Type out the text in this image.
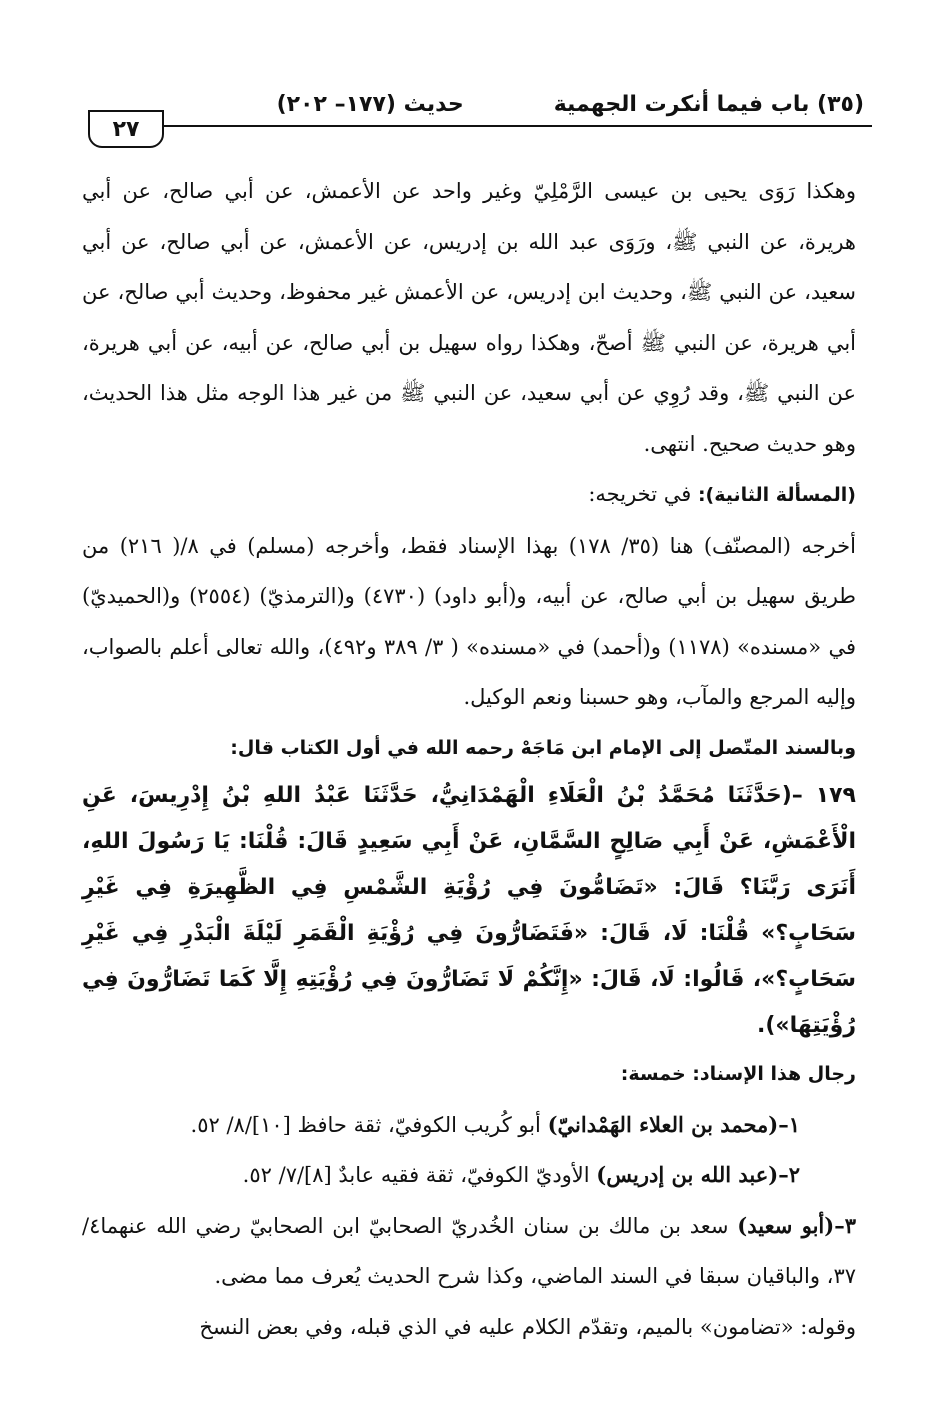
(٣٥) باب فيما أنكرت الجهمية
حديث (١٧٧– ٢٠٢)
٢٧

وهكذا رَوَى يحيى بن عيسى الرَّمْلِيّ وغير واحد عن الأعمش، عن أبي صالح، عن أبي هريرة، عن النبي ﷺ، ورَوَى عبد الله بن إدريس، عن الأعمش، عن أبي صالح، عن أبي سعيد، عن النبي ﷺ، وحديث ابن إدريس، عن الأعمش غير محفوظ، وحديث أبي صالح، عن أبي هريرة، عن النبي ﷺ أصحّ، وهكذا رواه سهيل بن أبي صالح، عن أبيه، عن أبي هريرة، عن النبي ﷺ، وقد رُوِي عن أبي سعيد، عن النبي ﷺ من غير هذا الوجه مثل هذا الحديث، وهو حديث صحيح. انتهى.

(المسألة الثانية): في تخريجه:

أخرجه (المصنّف) هنا (٣٥/ ١٧٨) بهذا الإسناد فقط، وأخرجه (مسلم) في ٨/( ٢١٦) من طريق سهيل بن أبي صالح، عن أبيه، و(أبو داود) (٤٧٣٠) و(الترمذيّ) (٢٥٥٤) و(الحميديّ) في «مسنده» (١١٧٨) و(أحمد) في «مسنده» ( ٣/ ٣٨٩ و٤٩٢)، والله تعالى أعلم بالصواب، وإليه المرجع والمآب، وهو حسبنا ونعم الوكيل.

وبالسند المتّصل إلى الإمام ابن مَاجَهْ رحمه الله في أول الكتاب قال:

١٧٩ –(حَدَّثَنَا مُحَمَّدُ بْنُ الْعَلَاءِ الْهَمْدَانِيُّ، حَدَّثَنَا عَبْدُ اللهِ بْنُ إِدْرِيسَ، عَنِ الْأَعْمَشِ، عَنْ أَبِي صَالِحٍ السَّمَّانِ، عَنْ أَبِي سَعِيدٍ قَالَ: قُلْنَا: يَا رَسُولَ اللهِ، أَنَرَى رَبَّنَا؟ قَالَ: «تَضَامُّونَ فِي رُؤْيَةِ الشَّمْسِ فِي الظَّهِيرَةِ فِي غَيْرِ سَحَابٍ؟» قُلْنَا: لَا، قَالَ: «فَتَضَارُّونَ فِي رُؤْيَةِ الْقَمَرِ لَيْلَةَ الْبَدْرِ فِي غَيْرِ سَحَابٍ؟»، قَالُوا: لَا، قَالَ: «إِنَّكُمْ لَا تَضَارُّونَ فِي رُؤْيَتِهِ إِلَّا كَمَا تَضَارُّونَ فِي رُؤْيَتِهَا»).

رجال هذا الإسناد: خمسة:

١–(محمد بن العلاء الهَمْدانيّ) أبو كُريب الكوفيّ، ثقة حافظ [١٠]/٨/ ٥٢.

٢–(عبد الله بن إدريس) الأوديّ الكوفيّ، ثقة فقيه عابدٌ [٨]/٧/ ٥٢.

٣–(أبو سعيد) سعد بن مالك بن سنان الخُدريّ الصحابيّ ابن الصحابيّ رضي الله عنهما٤/ ٣٧، والباقيان سبقا في السند الماضي، وكذا شرح الحديث يُعرف مما مضى.

وقوله: «تضامون» بالميم، وتقدّم الكلام عليه في الذي قبله، وفي بعض النسخ
